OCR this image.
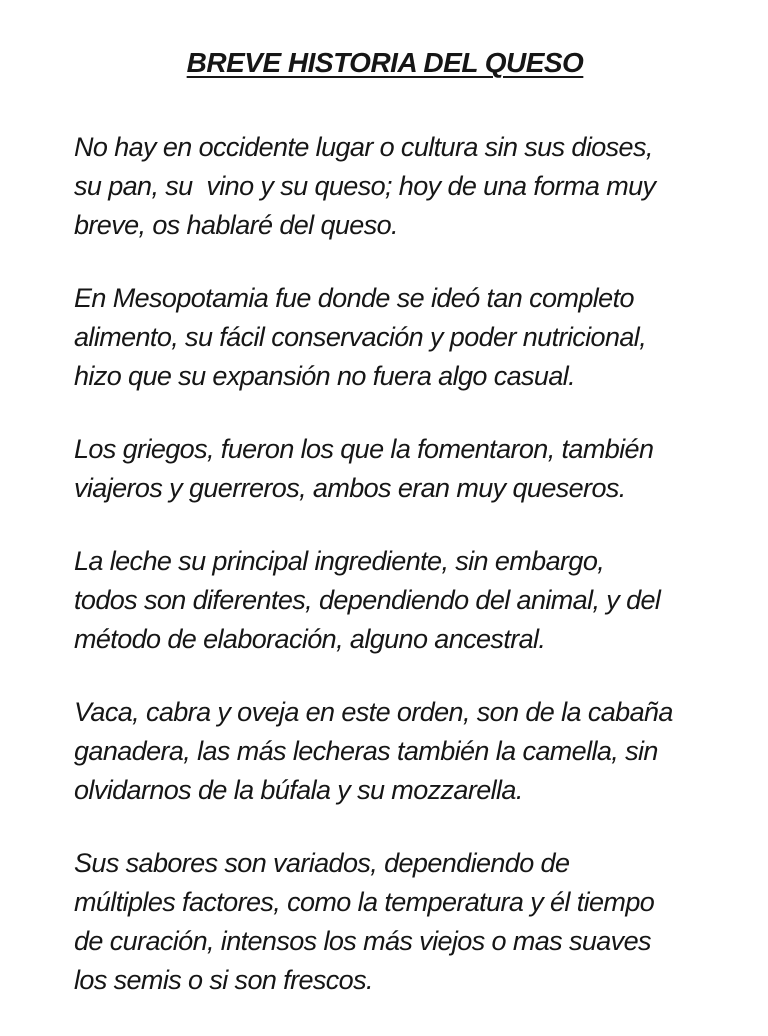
BREVE HISTORIA DEL QUESO
No hay en occidente lugar o cultura sin sus dioses,
su pan, su  vino y su queso; hoy de una forma muy
breve, os hablaré del queso.
En Mesopotamia fue donde se ideó tan completo
alimento, su fácil conservación y poder nutricional,
hizo que su expansión no fuera algo casual.
Los griegos, fueron los que la fomentaron, también
viajeros y guerreros, ambos eran muy queseros.
La leche su principal ingrediente, sin embargo,
todos son diferentes, dependiendo del animal, y del
método de elaboración, alguno ancestral.
Vaca, cabra y oveja en este orden, son de la cabaña
ganadera, las más lecheras también la camella, sin
olvidarnos de la búfala y su mozzarella.
Sus sabores son variados, dependiendo de
múltiples factores, como la temperatura y él tiempo
de curación, intensos los más viejos o mas suaves
los semis o si son frescos.
